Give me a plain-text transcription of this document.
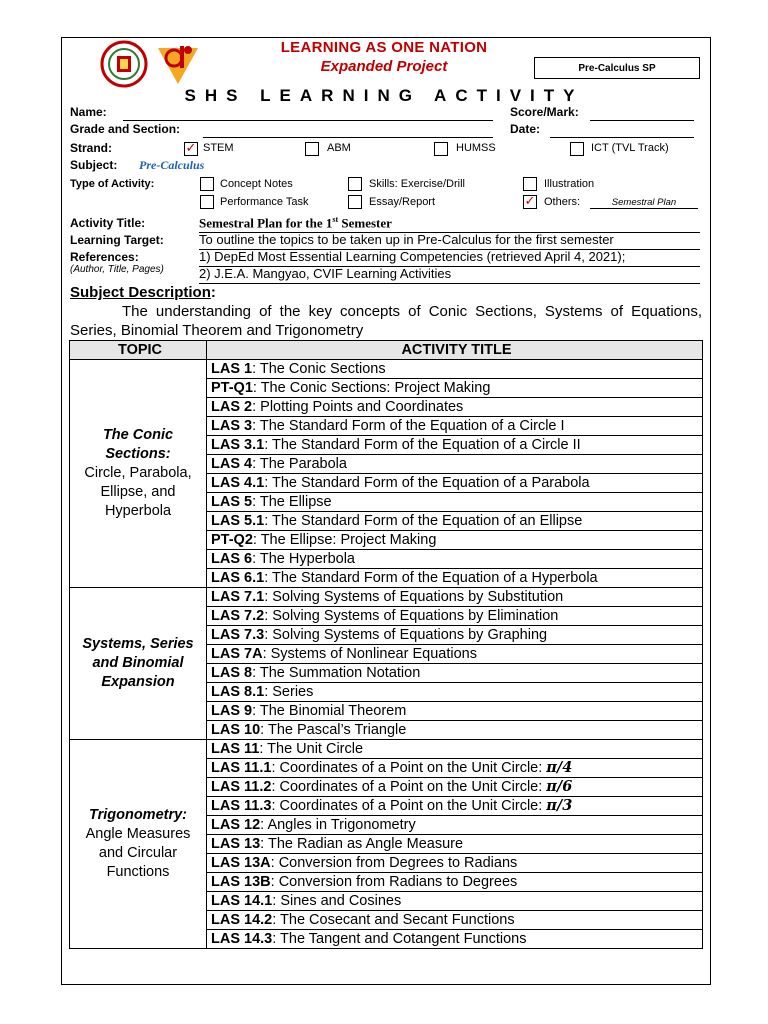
LEARNING AS ONE NATION
Expanded Project	Pre-Calculus SP
SHS LEARNING ACTIVITY
Name:	Score/Mark:
Grade and Section:	Date:
Strand:	✓ STEM	ABM	HUMSS	ICT (TVL Track)
Subject: Pre-Calculus
Type of Activity:	Concept Notes	Skills: Exercise/Drill	Illustration
Performance Task	Essay/Report	✓ Others:	Semestral Plan
Activity Title:	Semestral Plan for the 1st Semester
Learning Target:	To outline the topics to be taken up in Pre-Calculus for the first semester
References:
(Author, Title, Pages)
1) DepEd Most Essential Learning Competencies (retrieved April 4, 2021);
2) J.E.A. Mangyao, CVIF Learning Activities
Subject Description:
The understanding of the key concepts of Conic Sections, Systems of Equations, Series, Binomial Theorem and Trigonometry
TOPIC	ACTIVITY TITLE

The Conic Sections:
Circle, Parabola, Ellipse, and Hyperbola	LAS 1: The Conic Sections
	PT-Q1: The Conic Sections: Project Making
	LAS 2: Plotting Points and Coordinates
	LAS 3: The Standard Form of the Equation of a Circle I
	LAS 3.1: The Standard Form of the Equation of a Circle II
	LAS 4: The Parabola
	LAS 4.1: The Standard Form of the Equation of a Parabola
	LAS 5: The Ellipse
	LAS 5.1: The Standard Form of the Equation of an Ellipse
	PT-Q2: The Ellipse: Project Making
	LAS 6: The Hyperbola
	LAS 6.1: The Standard Form of the Equation of a Hyperbola

Systems, Series and Binomial Expansion	LAS 7.1: Solving Systems of Equations by Substitution
	LAS 7.2: Solving Systems of Equations by Elimination
	LAS 7.3: Solving Systems of Equations by Graphing
	LAS 7A: Systems of Nonlinear Equations
	LAS 8: The Summation Notation
	LAS 8.1: Series
	LAS 9: The Binomial Theorem
	LAS 10: The Pascal’s Triangle

Trigonometry:
Angle Measures and Circular Functions	LAS 11: The Unit Circle
	LAS 11.1: Coordinates of a Point on the Unit Circle: π/4
	LAS 11.2: Coordinates of a Point on the Unit Circle: π/6
	LAS 11.3: Coordinates of a Point on the Unit Circle: π/3
	LAS 12: Angles in Trigonometry
	LAS 13: The Radian as Angle Measure
	LAS 13A: Conversion from Degrees to Radians
	LAS 13B: Conversion from Radians to Degrees
	LAS 14.1: Sines and Cosines
	LAS 14.2: The Cosecant and Secant Functions
	LAS 14.3: The Tangent and Cotangent Functions
